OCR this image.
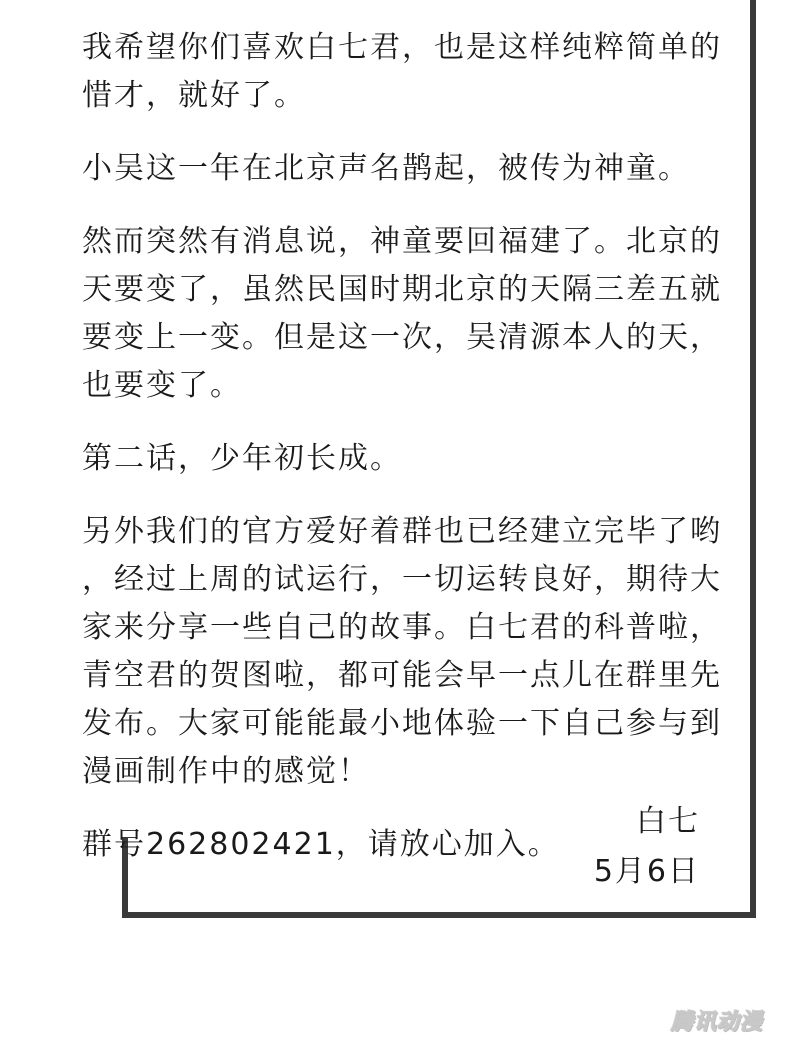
我希望你们喜欢白七君，也是这样纯粹简单的
惜才，就好了。

小吴这一年在北京声名鹊起，被传为神童。

然而突然有消息说，神童要回福建了。北京的
天要变了，虽然民国时期北京的天隔三差五就
要变上一变。但是这一次，吴清源本人的天，
也要变了。

第二话，少年初长成。

另外我们的官方爱好着群也已经建立完毕了哟
，经过上周的试运行，一切运转良好，期待大
家来分享一些自己的故事。白七君的科普啦，
青空君的贺图啦，都可能会早一点儿在群里先
发布。大家可能能最小地体验一下自己参与到
漫画制作中的感觉！

群号262802421，请放心加入。

白七
5月6日
腾讯动漫
